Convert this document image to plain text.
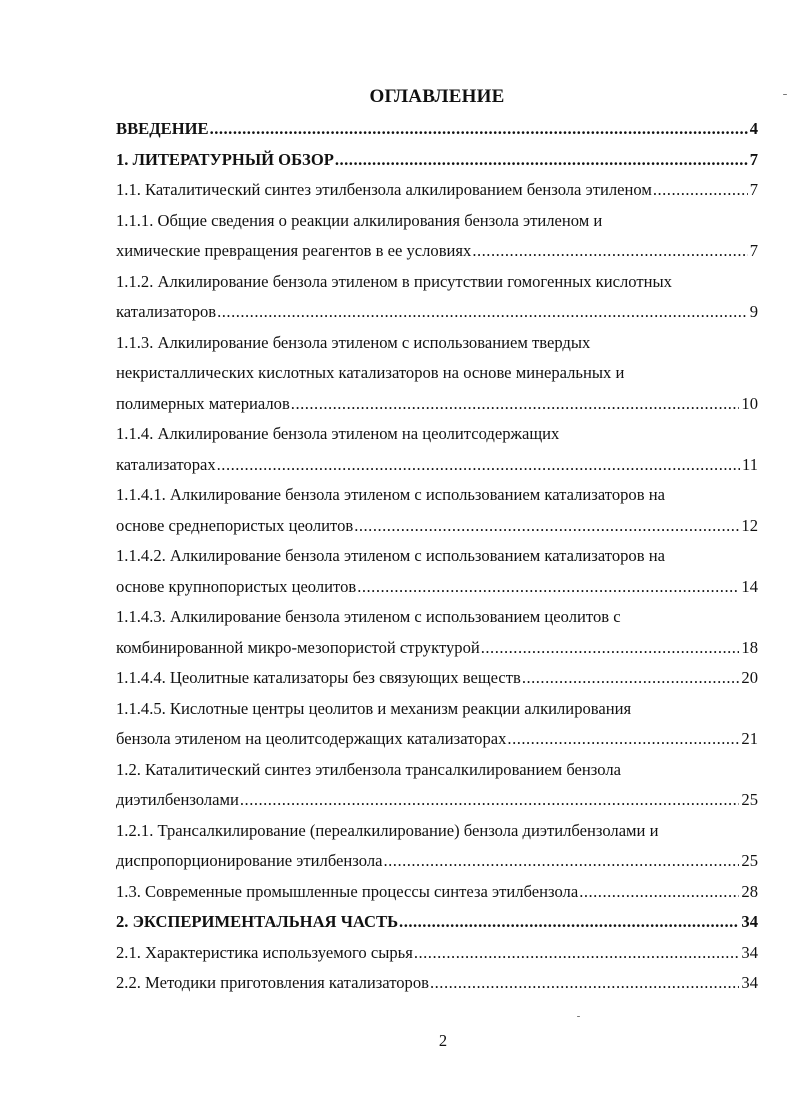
ОГЛАВЛЕНИЕ
ВВЕДЕНИЕ .....	4
1. ЛИТЕРАТУРНЫЙ ОБЗОР .....	7
1.1. Каталитический синтез этилбензола алкилированием бензола этиленом .....	7
1.1.1. Общие сведения о реакции алкилирования бензола этиленом и
химические превращения реагентов в ее условиях .....	7
1.1.2. Алкилирование бензола этиленом в присутствии гомогенных кислотных
катализаторов .....	9
1.1.3. Алкилирование бензола этиленом с использованием твердых
некристаллических кислотных катализаторов на основе минеральных и
полимерных материалов .....	10
1.1.4. Алкилирование бензола этиленом на цеолитсодержащих
катализаторах .....	11
1.1.4.1. Алкилирование бензола этиленом с использованием катализаторов на
основе среднепористых цеолитов .....	12
1.1.4.2. Алкилирование бензола этиленом с использованием катализаторов на
основе крупнопористых цеолитов .....	14
1.1.4.3. Алкилирование бензола этиленом с использованием цеолитов с
комбинированной микро-мезопористой структурой .....	18
1.1.4.4. Цеолитные катализаторы без связующих веществ .....	20
1.1.4.5. Кислотные центры цеолитов и механизм реакции алкилирования
бензола этиленом на цеолитсодержащих катализаторах .....	21
1.2. Каталитический синтез этилбензола трансалкилированием бензола
диэтилбензолами .....	25
1.2.1. Трансалкилирование (переалкилирование) бензола диэтилбензолами и
диспропорционирование этилбензола .....	25
1.3. Современные промышленные процессы синтеза этилбензола .....	28
2. ЭКСПЕРИМЕНТАЛЬНАЯ ЧАСТЬ .....	34
2.1. Характеристика используемого сырья .....	34
2.2. Методики приготовления катализаторов .....	34
2
